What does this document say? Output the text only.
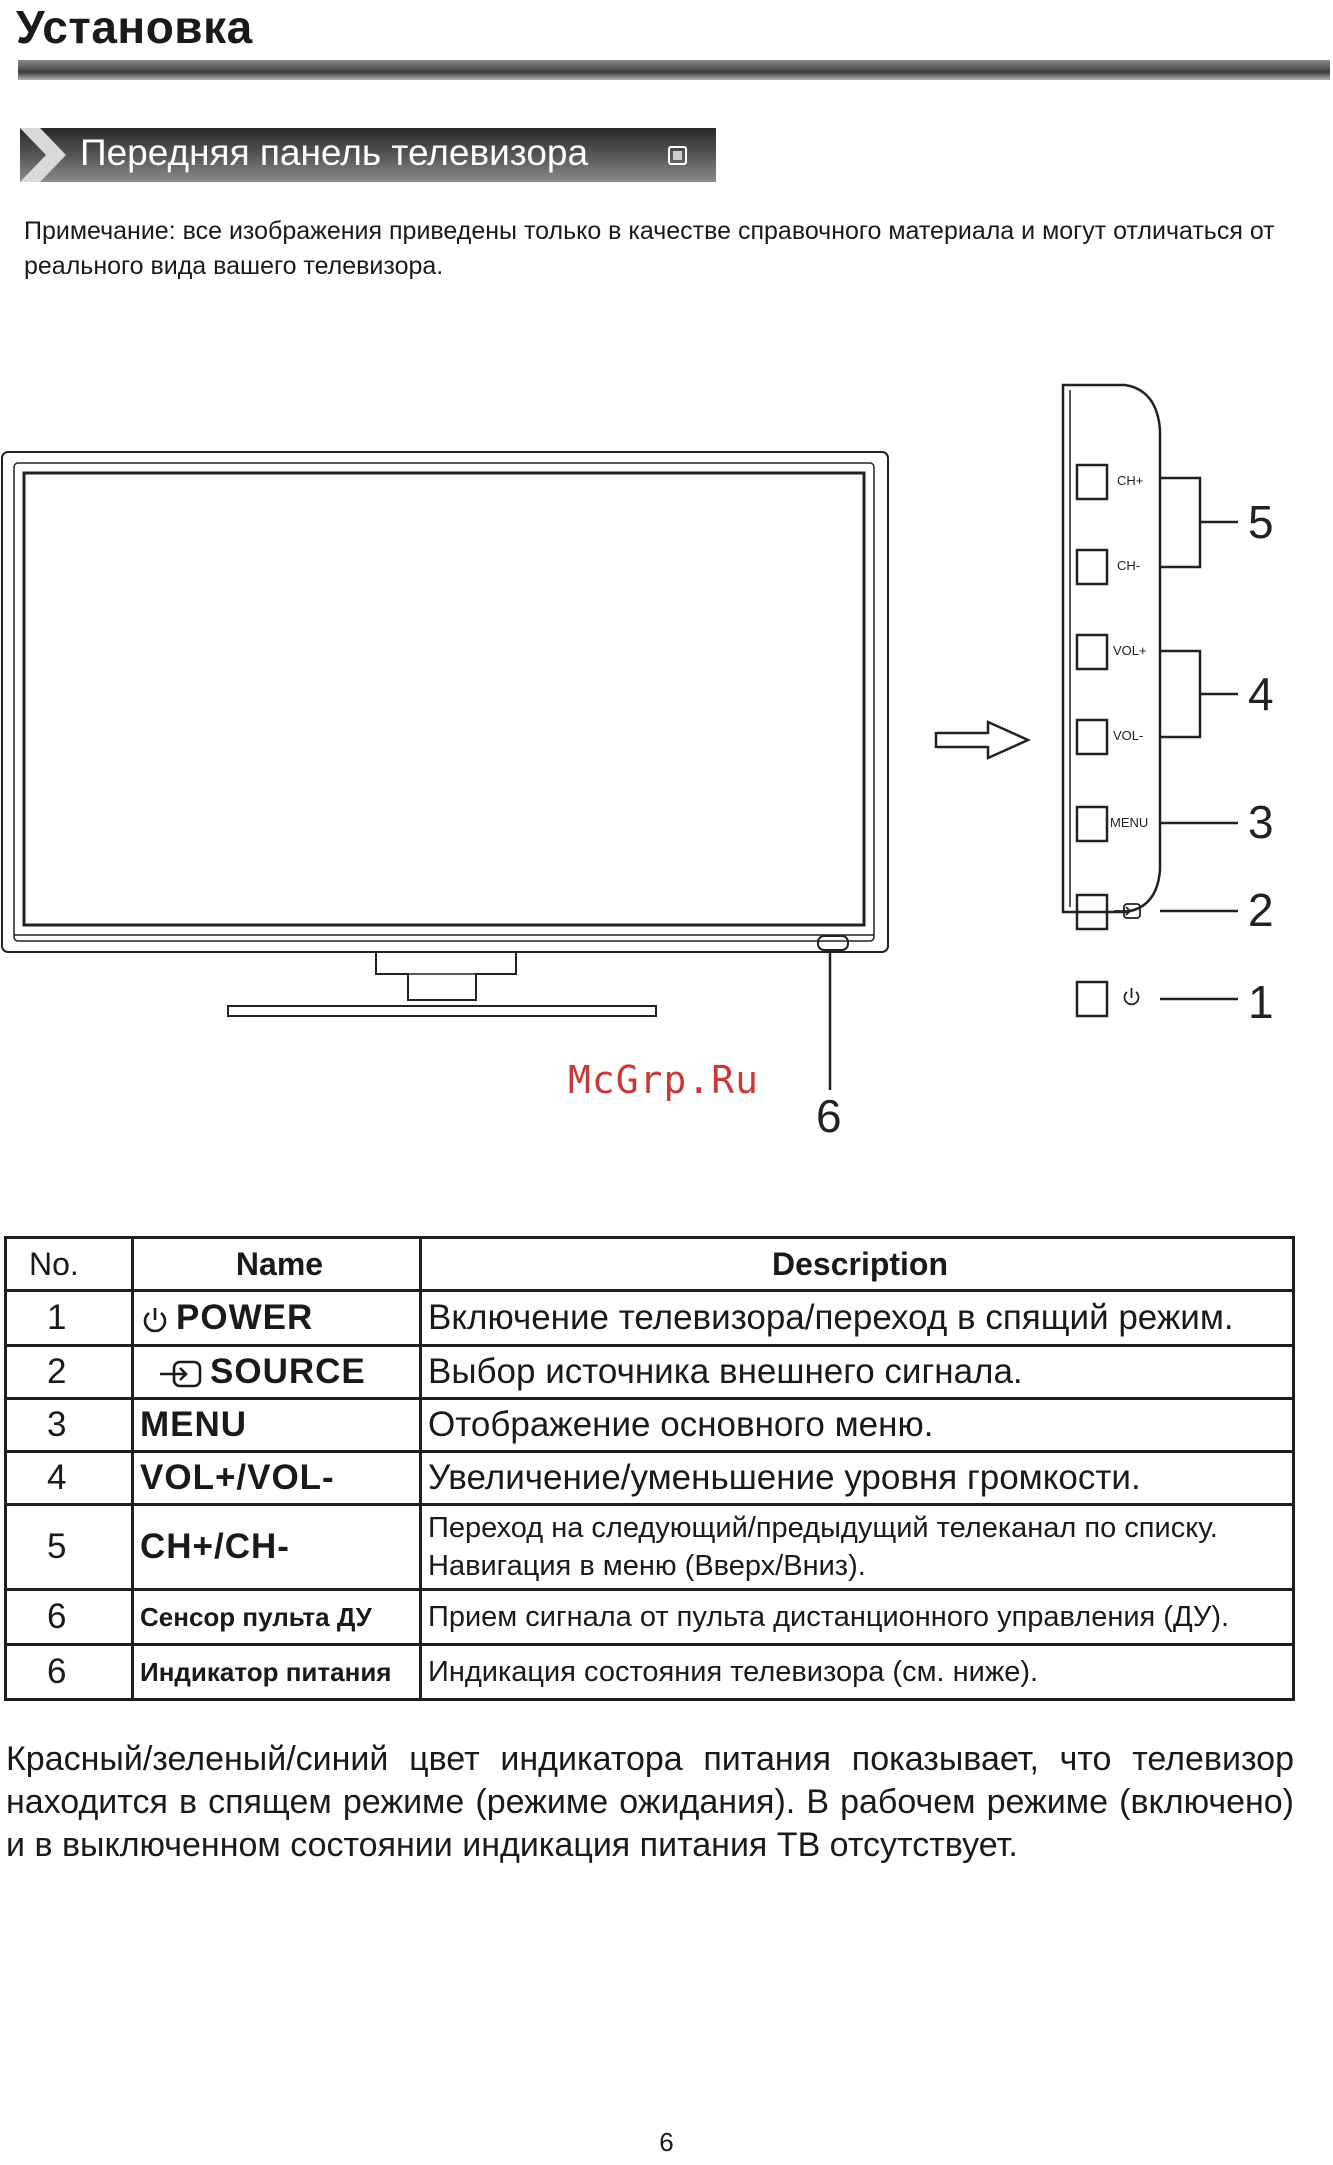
Установка
Передняя панель телевизора
Примечание: все изображения приведены только в качестве справочного материала и могут отличаться от реального вида вашего телевизора.
CH+
CH-
VOL+
VOL-
MENU
5
4
3
2
1
6
McGrp.Ru
No.	Name	Description
1	POWER	Включение телевизора/переход в спящий режим.
2	SOURCE	Выбор источника внешнего сигнала.
3	MENU	Отображение основного меню.
4	VOL+/VOL-	Увеличение/уменьшение уровня громкости.
5	CH+/CH-	Переход на следующий/предыдущий телеканал по списку. Навигация в меню (Вверх/Вниз).
6	Сенсор пульта ДУ	Прием сигнала от пульта дистанционного управления (ДУ).
6	Индикатор питания	Индикация состояния телевизора (см. ниже).
Красный/зеленый/синий цвет индикатора питания показывает, что телевизор находится в спящем режиме (режиме ожидания). В рабочем режиме (включено) и в выключенном состоянии индикация питания ТВ отсутствует.
6
